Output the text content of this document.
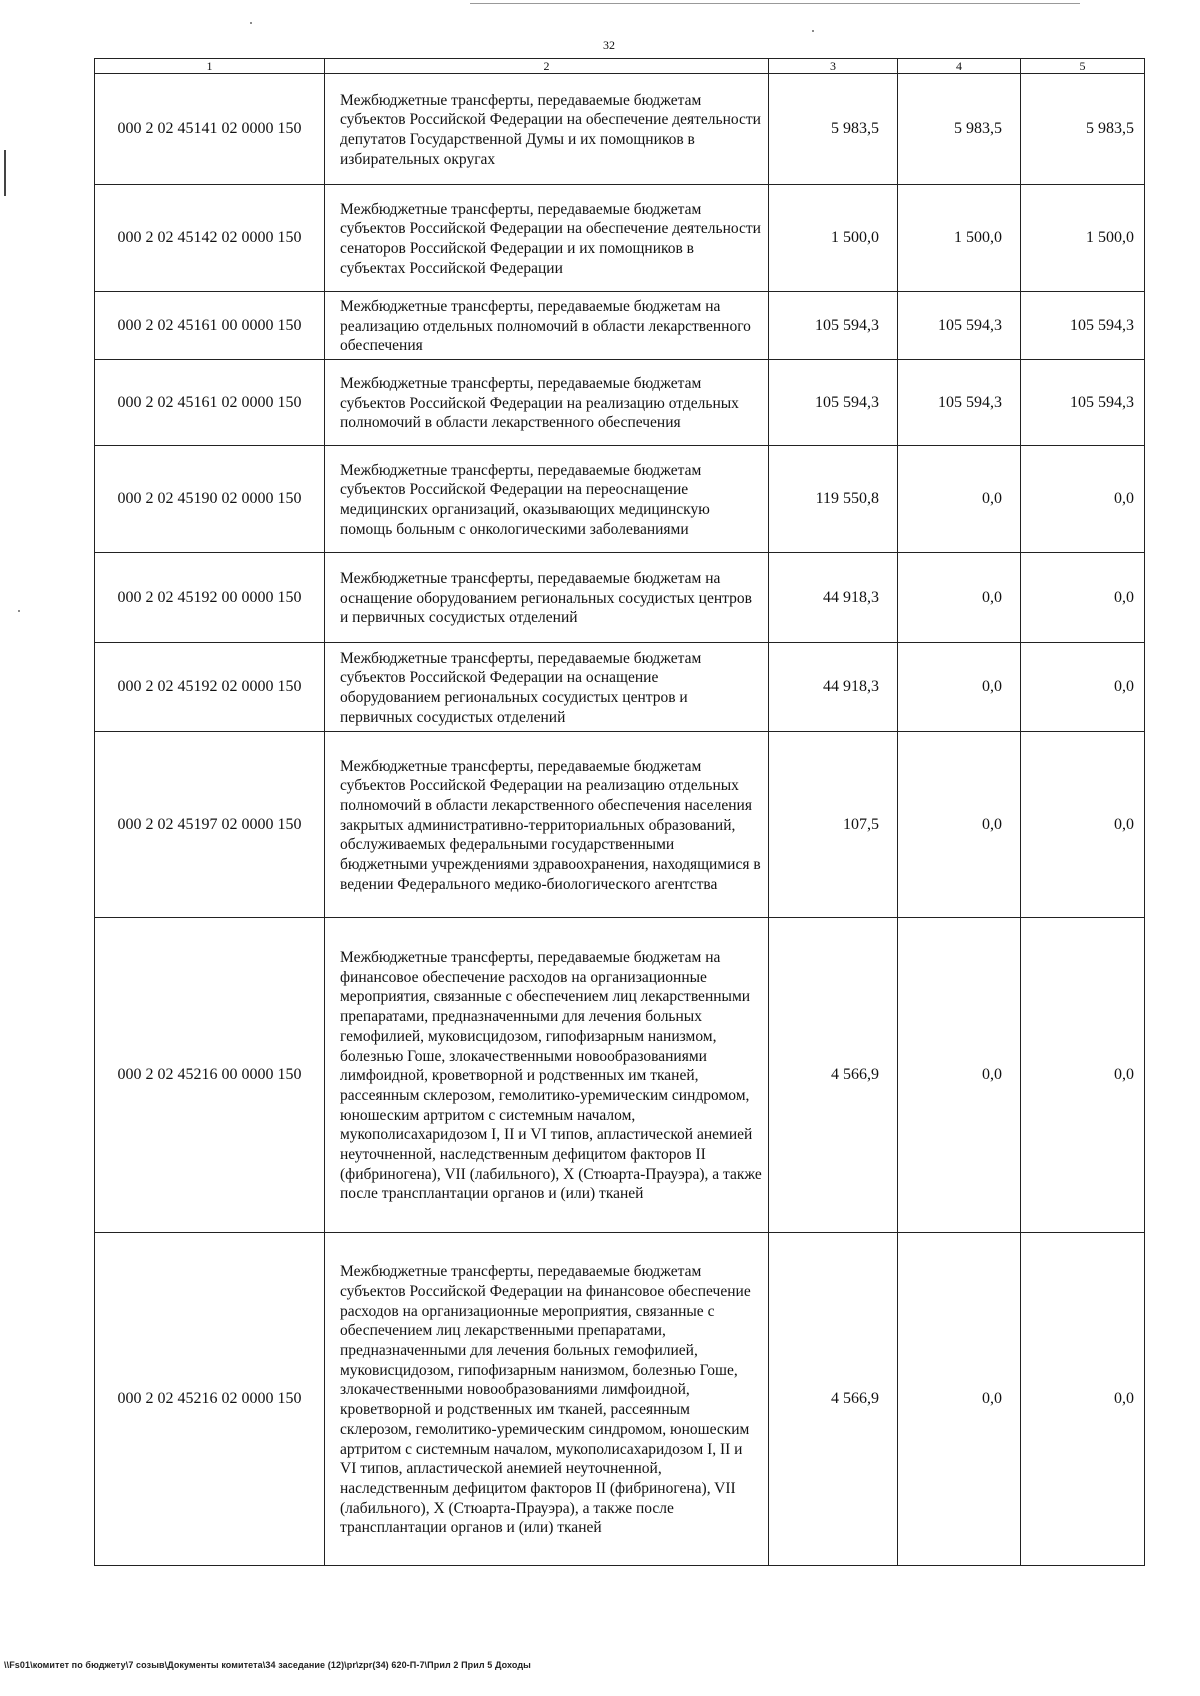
32
1	2	3	4	5
000 2 02 45141 02 0000 150	Межбюджетные трансферты, передаваемые бюджетам субъектов Российской Федерации на обеспечение деятельности депутатов Государственной Думы и их помощников в избирательных округах	5 983,5	5 983,5	5 983,5
000 2 02 45142 02 0000 150	Межбюджетные трансферты, передаваемые бюджетам субъектов Российской Федерации на обеспечение деятельности сенаторов Российской Федерации и их помощников в субъектах Российской Федерации	1 500,0	1 500,0	1 500,0
000 2 02 45161 00 0000 150	Межбюджетные трансферты, передаваемые бюджетам на реализацию отдельных полномочий в области лекарственного обеспечения	105 594,3	105 594,3	105 594,3
000 2 02 45161 02 0000 150	Межбюджетные трансферты, передаваемые бюджетам субъектов Российской Федерации на реализацию отдельных полномочий в области лекарственного обеспечения	105 594,3	105 594,3	105 594,3
000 2 02 45190 02 0000 150	Межбюджетные трансферты, передаваемые бюджетам субъектов Российской Федерации на переоснащение медицинских организаций, оказывающих медицинскую помощь больным с онкологическими заболеваниями	119 550,8	0,0	0,0
000 2 02 45192 00 0000 150	Межбюджетные трансферты, передаваемые бюджетам на оснащение оборудованием региональных сосудистых центров и первичных сосудистых отделений	44 918,3	0,0	0,0
000 2 02 45192 02 0000 150	Межбюджетные трансферты, передаваемые бюджетам субъектов Российской Федерации на оснащение оборудованием региональных сосудистых центров и первичных сосудистых отделений	44 918,3	0,0	0,0
000 2 02 45197 02 0000 150	Межбюджетные трансферты, передаваемые бюджетам субъектов Российской Федерации на реализацию отдельных полномочий в области лекарственного обеспечения населения закрытых административно-территориальных образований, обслуживаемых федеральными государственными бюджетными учреждениями здравоохранения, находящимися в ведении Федерального медико-биологического агентства	107,5	0,0	0,0
000 2 02 45216 00 0000 150	Межбюджетные трансферты, передаваемые бюджетам на финансовое обеспечение расходов на организационные мероприятия, связанные с обеспечением лиц лекарственными препаратами, предназначенными для лечения больных гемофилией, муковисцидозом, гипофизарным нанизмом, болезнью Гоше, злокачественными новообразованиями лимфоидной, кроветворной и родственных им тканей, рассеянным склерозом, гемолитико-уремическим синдромом, юношеским артритом с системным началом, мукополисахаридозом I, II и VI типов, апластической анемией неуточненной, наследственным дефицитом факторов II (фибриногена), VII (лабильного), X (Стюарта-Прауэра), а также после трансплантации органов и (или) тканей	4 566,9	0,0	0,0
000 2 02 45216 02 0000 150	Межбюджетные трансферты, передаваемые бюджетам субъектов Российской Федерации на финансовое обеспечение расходов на организационные мероприятия, связанные с обеспечением лиц лекарственными препаратами, предназначенными для лечения больных гемофилией, муковисцидозом, гипофизарным нанизмом, болезнью Гоше, злокачественными новообразованиями лимфоидной, кроветворной и родственных им тканей, рассеянным склерозом, гемолитико-уремическим синдромом, юношеским артритом с системным началом, мукополисахаридозом I, II и VI типов, апластической анемией неуточненной, наследственным дефицитом факторов II (фибриногена), VII (лабильного), X (Стюарта-Прауэра), а также после трансплантации органов и (или) тканей	4 566,9	0,0	0,0
\\Fs01\комитет по бюджету\7 созыв\Документы комитета\34 заседание (12)\pr\zpr(34) 620-П-7\Прил 2 Прил 5 Доходы
